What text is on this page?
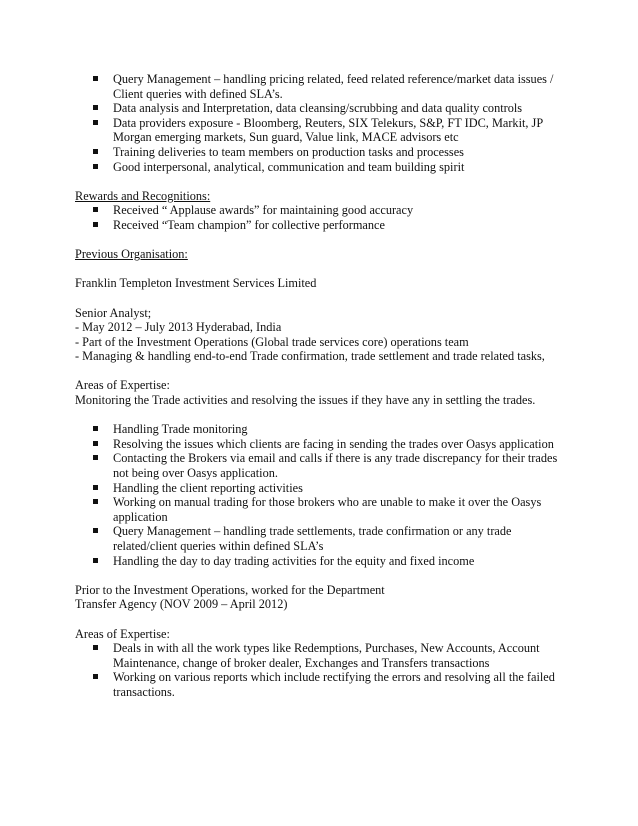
Query Management – handling pricing related, feed related reference/market data issues / Client queries with defined SLA’s.
Data analysis and Interpretation, data cleansing/scrubbing and data quality controls
Data providers exposure - Bloomberg, Reuters, SIX Telekurs, S&P, FT IDC, Markit, JP Morgan emerging markets, Sun guard, Value link, MACE advisors etc
Training deliveries to team members on production tasks and processes
Good interpersonal, analytical, communication and team building spirit

Rewards and Recognitions:

Received “ Applause awards” for maintaining good accuracy
Received “Team champion” for collective performance

Previous Organisation:

Franklin Templeton Investment Services Limited

Senior Analyst;

- May 2012 – July 2013 Hyderabad, India

- Part of the Investment Operations (Global trade services core) operations team

- Managing & handling end-to-end Trade confirmation, trade settlement and trade related tasks,

Areas of Expertise:

Monitoring the Trade activities and resolving the issues if they have any in settling the trades.

Handling Trade monitoring
Resolving the issues which clients are facing in sending the trades over Oasys application
Contacting the Brokers via email and calls if there is any trade discrepancy for their trades not being over Oasys application.
Handling the client reporting activities
Working on manual trading for those brokers who are unable to make it over the Oasys application
Query Management – handling trade settlements, trade confirmation or any trade related/client queries within defined SLA’s
Handling the day to day trading activities for the equity and fixed income

Prior to the Investment Operations, worked for the Department

Transfer Agency (NOV 2009 – April 2012)

Areas of Expertise:

Deals in with all the work types like Redemptions, Purchases, New Accounts, Account Maintenance, change of broker dealer, Exchanges and Transfers transactions
Working on various reports which include rectifying the errors and resolving all the failed transactions.
